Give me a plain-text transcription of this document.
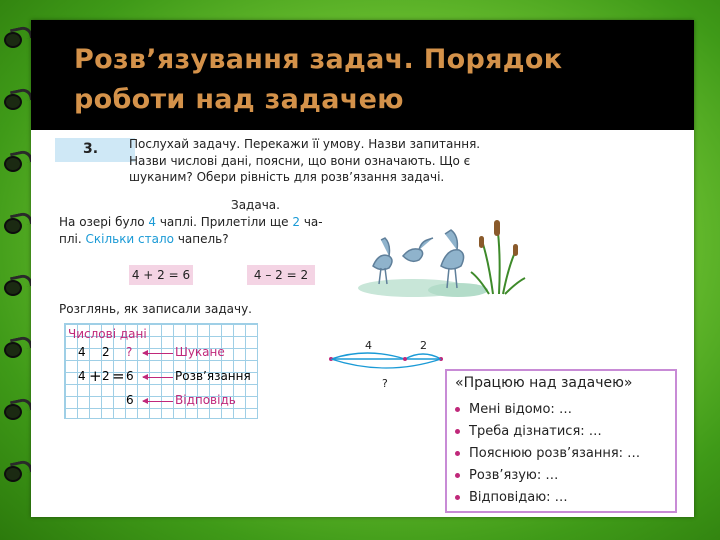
Розв’язування задач. Порядок роботи над задачею
3.	Послухай задачу. Перекажи її умову. Назви запитання.
Назви числові дані, поясни, що вони означають. Що є
шуканим? Обери рівність для розв’язання задачі.
Задача.
На озері було 4 чаплі. Прилетіли ще 2 ча-
плі. Скільки стало чапель?
4 + 2 = 6	4 – 2 = 2
Розглянь, як записали задачу.
Числові дані
4 2 ?	Шукане
4 + 2 = 6	Розв’язання
6	Відповідь
4	2
?	«Працюю над задачею»
Мені відомо: …
Треба дізнатися: …
Пояснюю розв’язання: …
Розв’язую: …
Відповідаю: …
